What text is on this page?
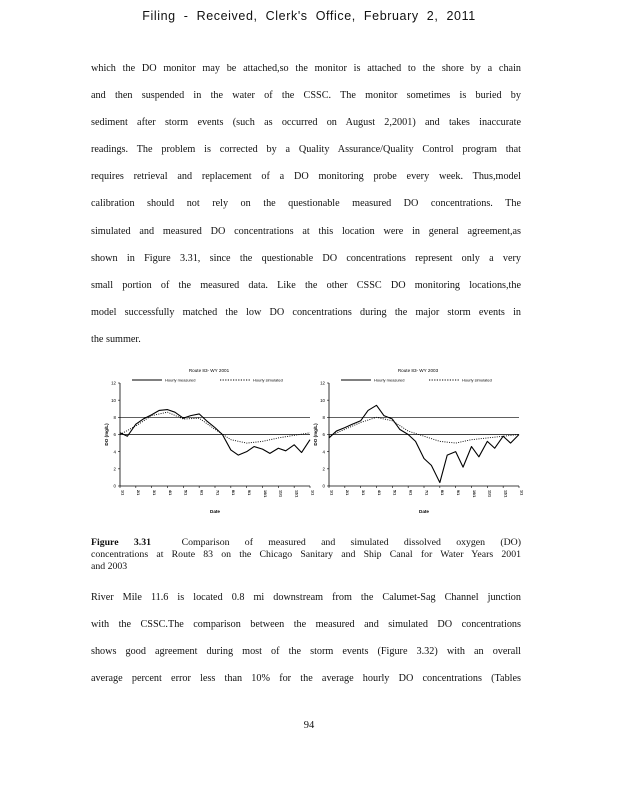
Filing - Received, Clerk's Office, February 2, 2011
which the DO monitor may be attached,so the monitor is attached to the shore by a chain
and then suspended in the water of the CSSC. The monitor sometimes is buried by
sediment after storm events (such as occurred on August 2,2001) and takes inaccurate
readings. The problem is corrected by a Quality Assurance/Quality Control program that
requires retrieval and replacement of a DO monitoring probe every week. Thus,model
calibration should not rely on the questionable measured DO concentrations. The
simulated and measured DO concentrations at this location were in general agreement,as
shown in Figure 3.31, since the questionable DO concentrations represent only a very
small portion of the measured data. Like the other CSSC DO monitoring locations,the
model successfully matched the low DO concentrations during the major storm events in
the summer.
Route 83- WY 2001
Hourly measured	Hourly simulated
0
2
4
6
8
10
12
1/1	2/1	3/1	4/1	5/1	6/1	7/1	8/1	9/1	10/1	11/1	12/1	1/1
Date
DO (mg/L)
Route 83- WY 2003
Hourly measured	Hourly simulated
0
2
4
6
8
10
12
1/1	2/1	3/1	4/1	5/1	6/1	7/1	8/1	9/1	10/1	11/1	12/1	1/1
Date
DO (mg/L)
Figure 3.31	Comparison of measured and simulated dissolved oxygen (DO)
concentrations at Route 83 on the Chicago Sanitary and Ship Canal for Water Years 2001
and 2003
River Mile 11.6 is located 0.8 mi downstream from the Calumet-Sag Channel junction
with the CSSC.The comparison between the measured and simulated DO concentrations
shows good agreement during most of the storm events (Figure 3.32) with an overall
average percent error less than 10% for the average hourly DO concentrations (Tables
94
